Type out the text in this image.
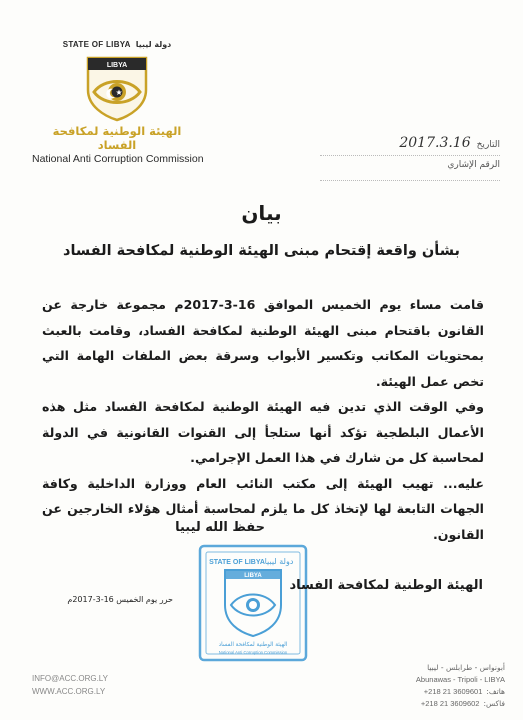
STATE OF LIBYA دولة ليبيا
LIBYA
الهيئة الوطنية لمكافحة الفساد
National Anti Corruption Commission
التاريخ
2017.3.16
الرقم الإشاري
بيان
بشأن واقعة إقتحام مبنى الهيئة الوطنية لمكافحة الفساد

قامت مساء يوم الخميس الموافق 16-3-2017م مجموعة خارجة عن القانون باقتحام مبنى الهيئة الوطنية لمكافحة الفساد، وقامت بالعبث بمحتويات المكاتب وتكسير الأبواب وسرقة بعض الملفات الهامة التي تخص عمل الهيئة.

وفي الوقت الذي تدين فيه الهيئة الوطنية لمكافحة الفساد مثل هذه الأعمال البلطجية تؤكد أنها ستلجأ إلى القنوات القانونية في الدولة لمحاسبة كل من شارك في هذا العمل الإجرامي.

عليه... تهيب الهيئة إلى مكتب النائب العام ووزارة الداخلية وكافة الجهات التابعة لها لإتخاذ كل ما يلزم لمحاسبة أمثال هؤلاء الخارجين عن القانون.

حفظ الله ليبيا
STATE OF LIBYA دولة ليبيا
LIBYA
الهيئة الوطنية لمكافحة الفساد
National Anti Corruption Commission
الهيئة الوطنية لمكافحة الفساد
حرر يوم الخميس 16-3-2017م
INFO@ACC.ORG.LY
WWW.ACC.ORG.LY
أبونواس - طرابلس - ليبيا
Abunawas - Tripoli - LIBYA
هاتف:
+218 21 3609601
فاكس:
+218 21 3609602
